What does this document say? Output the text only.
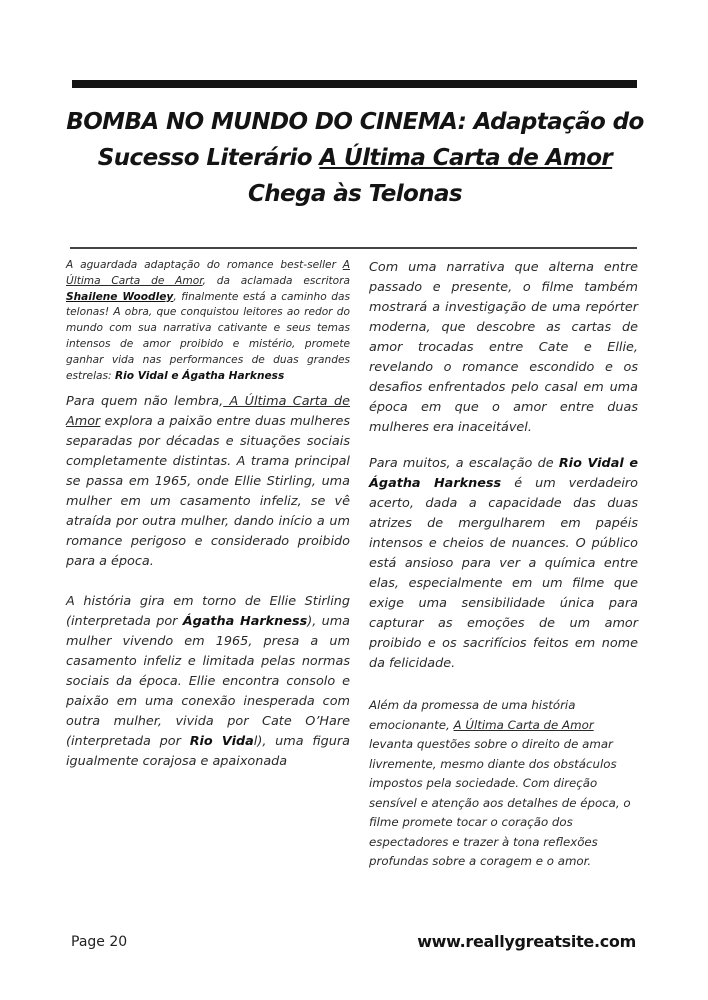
BOMBA NO MUNDO DO CINEMA: Adaptação do Sucesso Literário A Última Carta de Amor Chega às Telonas

A aguardada adaptação do romance best-seller A Última Carta de Amor, da aclamada escritora Shailene Woodley, finalmente está a caminho das telonas! A obra, que conquistou leitores ao redor do mundo com sua narrativa cativante e seus temas intensos de amor proibido e mistério, promete ganhar vida nas performances de duas grandes estrelas: Rio Vidal e Ágatha Harkness

Para quem não lembra, A Última Carta de Amor explora a paixão entre duas mulheres separadas por décadas e situações sociais completamente distintas. A trama principal se passa em 1965, onde Ellie Stirling, uma mulher em um casamento infeliz, se vê atraída por outra mulher, dando início a um romance perigoso e considerado proibido para a época.

A história gira em torno de Ellie Stirling (interpretada por Ágatha Harkness), uma mulher vivendo em 1965, presa a um casamento infeliz e limitada pelas normas sociais da época. Ellie encontra consolo e paixão em uma conexão inesperada com outra mulher, vivida por Cate O’Hare (interpretada por Rio Vidal), uma figura igualmente corajosa e apaixonada

Com uma narrativa que alterna entre passado e presente, o filme também mostrará a investigação de uma repórter moderna, que descobre as cartas de amor trocadas entre Cate e Ellie, revelando o romance escondido e os desafios enfrentados pelo casal em uma época em que o amor entre duas mulheres era inaceitável.

Para muitos, a escalação de Rio Vidal e Ágatha Harkness é um verdadeiro acerto, dada a capacidade das duas atrizes de mergulharem em papéis intensos e cheios de nuances. O público está ansioso para ver a química entre elas, especialmente em um filme que exige uma sensibilidade única para capturar as emoções de um amor proibido e os sacrifícios feitos em nome da felicidade.

Além da promessa de uma história emocionante, A Última Carta de Amor levanta questões sobre o direito de amar livremente, mesmo diante dos obstáculos impostos pela sociedade. Com direção sensível e atenção aos detalhes de época, o filme promete tocar o coração dos espectadores e trazer à tona reflexões profundas sobre a coragem e o amor.

Page 20	www.reallygreatsite.com
